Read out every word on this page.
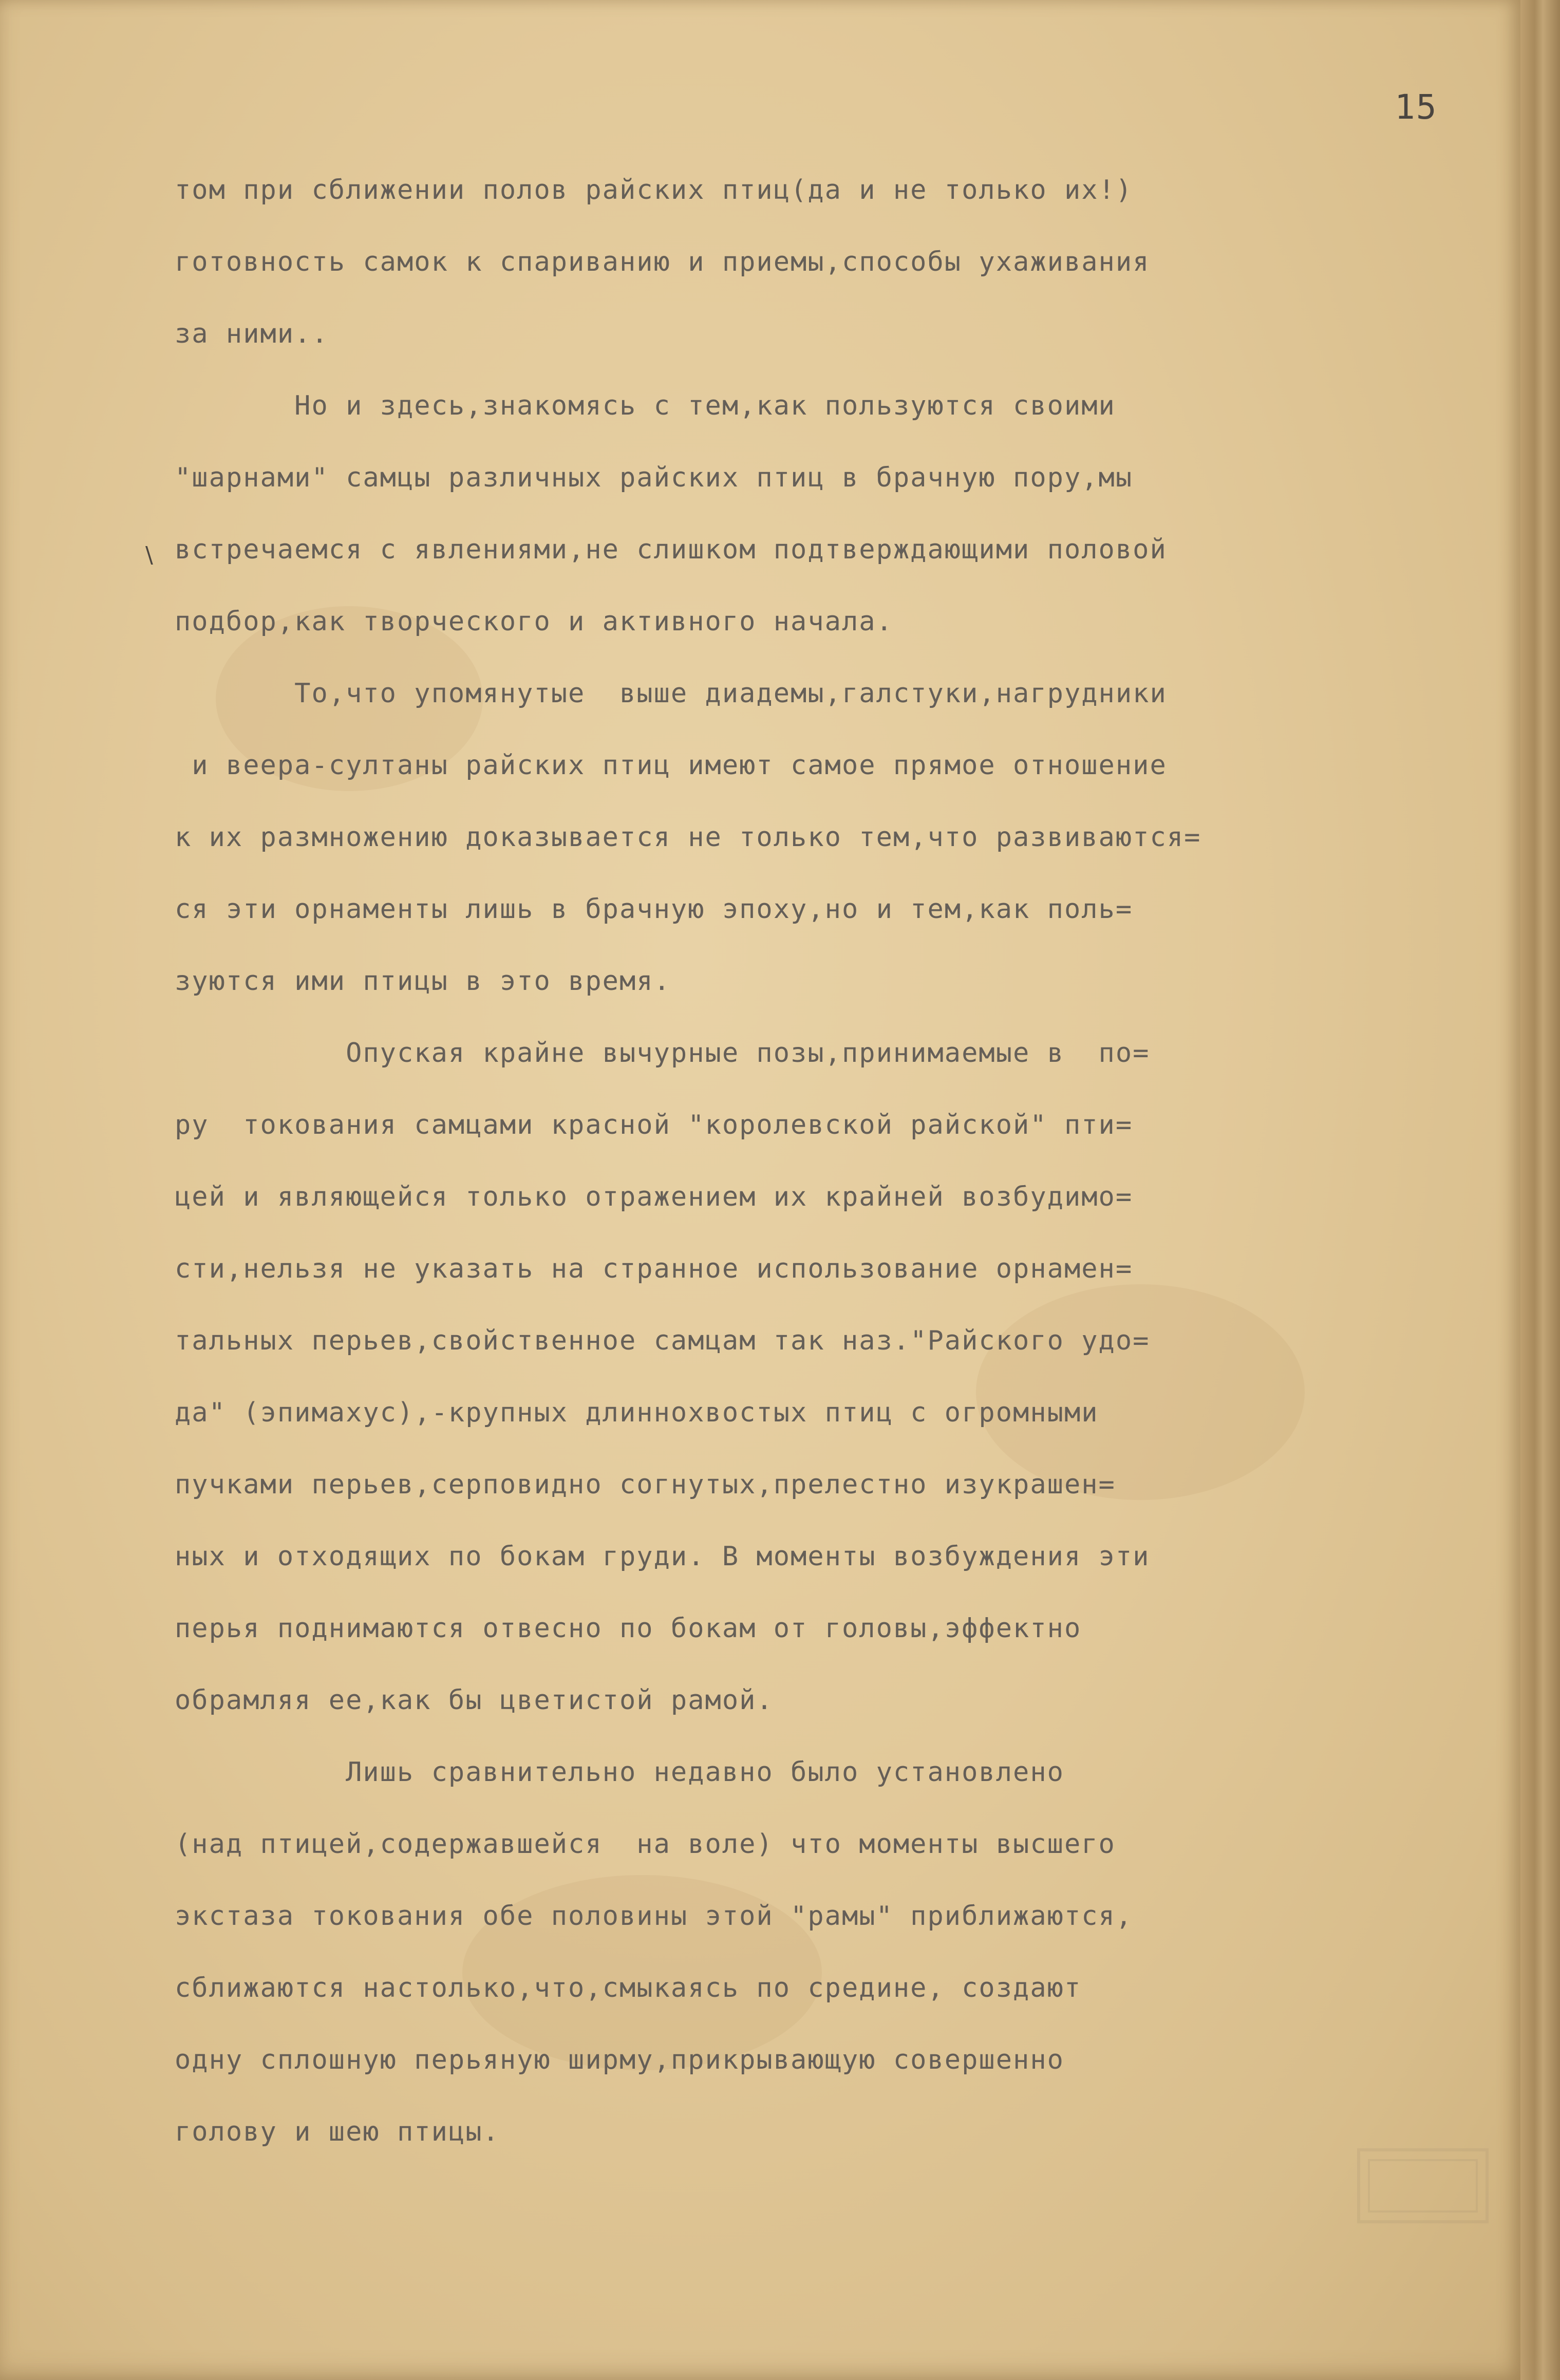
15
\
том при сближении полов райских птиц(да и не только их!)
готовность самок к спариванию и приемы,способы ухаживания
за ними..
Но и здесь,знакомясь с тем,как пользуются своими
"шарнами" самцы различных райских птиц в брачную пору,мы
встречаемся с явлениями,не слишком подтверждающими половой
подбор,как творческого и активного начала.
То,что упомянутые  выше диадемы,галстуки,нагрудники
и веера-султаны райских птиц имеют самое прямое отношение
к их размножению доказывается не только тем,что развиваются=
ся эти орнаменты лишь в брачную эпоху,но и тем,как поль=
зуются ими птицы в это время.
Опуская крайне вычурные позы,принимаемые в  по=
ру  токования самцами красной "королевской райской" пти=
цей и являющейся только отражением их крайней возбудимо=
сти,нельзя не указать на странное использование орнамен=
тальных перьев,свойственное самцам так наз."Райского удо=
да" (эпимахус),-крупных длиннохвостых птиц с огромными
пучками перьев,серповидно согнутых,прелестно изукрашен=
ных и отходящих по бокам груди. В моменты возбуждения эти
перья поднимаются отвесно по бокам от головы,эффектно
обрамляя ее,как бы цветистой рамой.
Лишь сравнительно недавно было установлено
(над птицей,содержавшейся  на воле) что моменты высшего
экстаза токования обе половины этой "рамы" приближаются,
сближаются настолько,что,смыкаясь по средине, создают
одну сплошную перьяную ширму,прикрывающую совершенно
голову и шею птицы.
